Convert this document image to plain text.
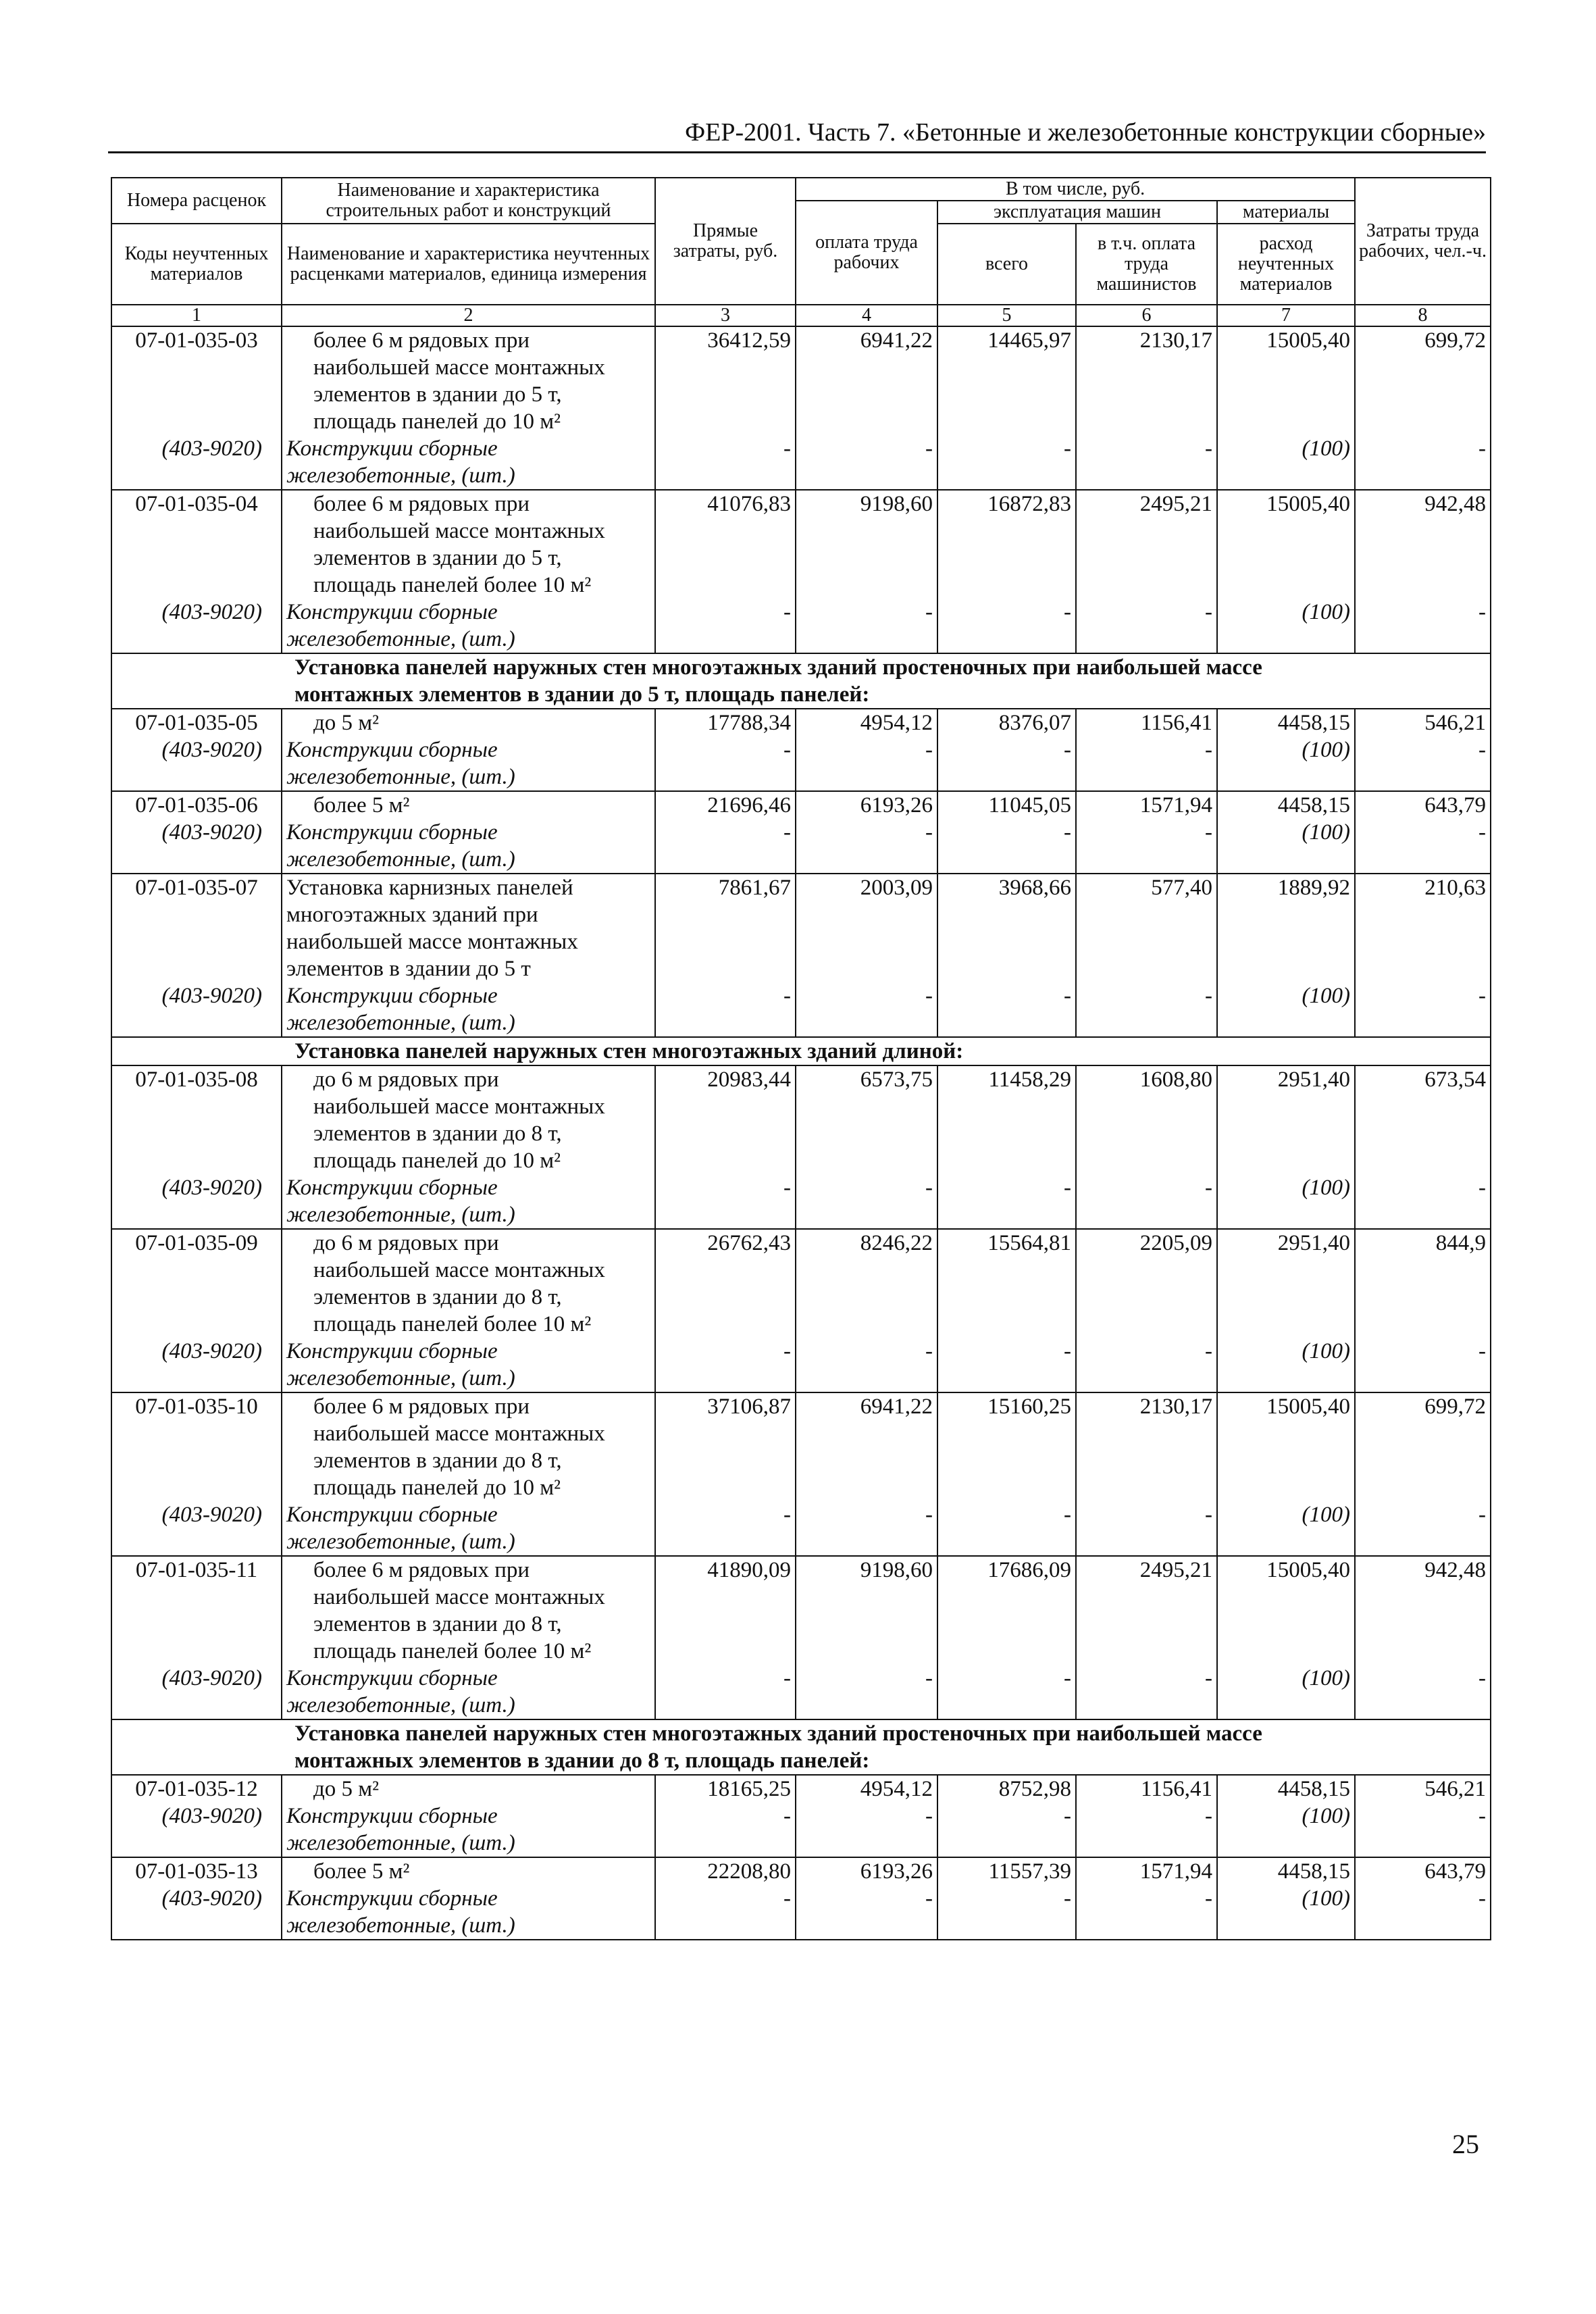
ФЕР-2001. Часть 7. «Бетонные и железобетонные конструкции сборные»
Номера расценок	Наименование и характеристика строительных работ и конструкций	Прямые затраты, руб.	В том числе, руб.				Затраты труда рабочих, чел.-ч.
			оплата труда рабочих	эксплуатация машин		материалы	
Коды неучтенных материалов	Наименование и характеристика неучтенных расценками материалов, единица измерения			всего	в т.ч. оплата труда машинистов	расход неучтенных материалов	

1	2	3	4	5	6	7	8
07-01-035-03	более 6 м рядовых при
наибольшей массе монтажных
элементов в здании до 5 т,
площадь панелей до 10 м²	36412,59	6941,22	14465,97	2130,17	15005,40	699,72
(403-9020)	Конструкции сборные
железобетонные, (шт.)	-	-	-	-	(100)	-
07-01-035-04	более 6 м рядовых при
наибольшей массе монтажных
элементов в здании до 5 т,
площадь панелей более 10 м²	41076,83	9198,60	16872,83	2495,21	15005,40	942,48
(403-9020)	Конструкции сборные
железобетонные, (шт.)	-	-	-	-	(100)	-

Установка панелей наружных стен многоэтажных зданий простеночных при наибольшей массе
монтажных элементов в здании до 5 т, площадь панелей:							

07-01-035-05	до 5 м²	17788,34	4954,12	8376,07	1156,41	4458,15	546,21
(403-9020)	Конструкции сборные
железобетонные, (шт.)	-	-	-	-	(100)	-
07-01-035-06	более 5 м²	21696,46	6193,26	11045,05	1571,94	4458,15	643,79
(403-9020)	Конструкции сборные
железобетонные, (шт.)	-	-	-	-	(100)	-
07-01-035-07	Установка карнизных панелей
многоэтажных зданий при
наибольшей массе монтажных
элементов в здании до 5 т	7861,67	2003,09	3968,66	577,40	1889,92	210,63
(403-9020)	Конструкции сборные
железобетонные, (шт.)	-	-	-	-	(100)	-

Установка панелей наружных стен многоэтажных зданий длиной:							

07-01-035-08	до 6 м рядовых при
наибольшей массе монтажных
элементов в здании до 8 т,
площадь панелей до 10 м²	20983,44	6573,75	11458,29	1608,80	2951,40	673,54
(403-9020)	Конструкции сборные
железобетонные, (шт.)	-	-	-	-	(100)	-
07-01-035-09	до 6 м рядовых при
наибольшей массе монтажных
элементов в здании до 8 т,
площадь панелей более 10 м²	26762,43	8246,22	15564,81	2205,09	2951,40	844,9
(403-9020)	Конструкции сборные
железобетонные, (шт.)	-	-	-	-	(100)	-
07-01-035-10	более 6 м рядовых при
наибольшей массе монтажных
элементов в здании до 8 т,
площадь панелей до 10 м²	37106,87	6941,22	15160,25	2130,17	15005,40	699,72
(403-9020)	Конструкции сборные
железобетонные, (шт.)	-	-	-	-	(100)	-
07-01-035-11	более 6 м рядовых при
наибольшей массе монтажных
элементов в здании до 8 т,
площадь панелей более 10 м²	41890,09	9198,60	17686,09	2495,21	15005,40	942,48
(403-9020)	Конструкции сборные
железобетонные, (шт.)	-	-	-	-	(100)	-

Установка панелей наружных стен многоэтажных зданий простеночных при наибольшей массе
монтажных элементов в здании до 8 т, площадь панелей:							

07-01-035-12	до 5 м²	18165,25	4954,12	8752,98	1156,41	4458,15	546,21
(403-9020)	Конструкции сборные
железобетонные, (шт.)	-	-	-	-	(100)	-
07-01-035-13	более 5 м²	22208,80	6193,26	11557,39	1571,94	4458,15	643,79
(403-9020)	Конструкции сборные
железобетонные, (шт.)	-	-	-	-	(100)	-
25
